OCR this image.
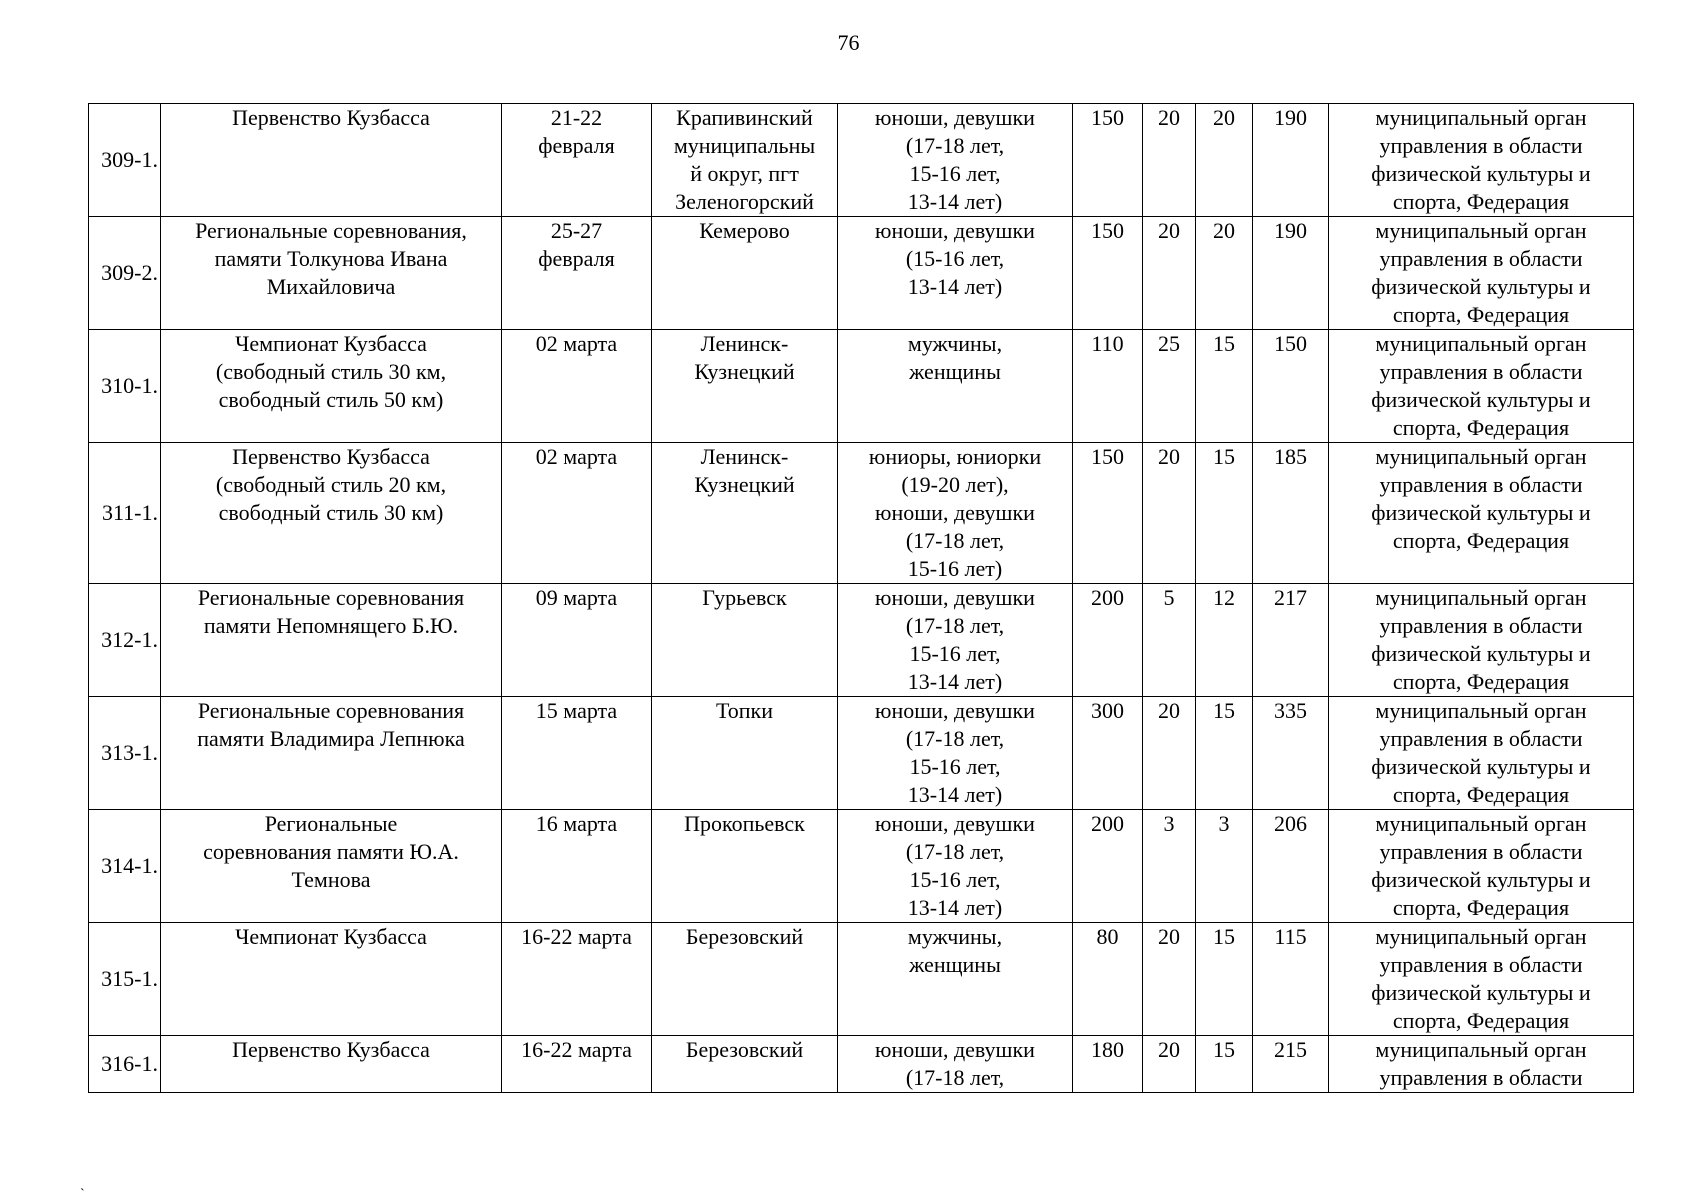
76
309-1.	Первенство Кузбасса	21-22
февраля	Крапивинский
муниципальны
й округ, пгт
Зеленогорский	юноши, девушки
(17-18 лет,
15-16 лет,
13-14 лет)	150	20	20	190	муниципальный орган
управления в области
физической культуры и
спорта, Федерация
309-2.	Региональные соревнования,
памяти Толкунова Ивана
Михайловича	25-27
февраля	Кемерово	юноши, девушки
(15-16 лет,
13-14 лет)	150	20	20	190	муниципальный орган
управления в области
физической культуры и
спорта, Федерация
310-1.	Чемпионат Кузбасса
(свободный стиль 30 км,
свободный стиль 50 км)	02 марта	Ленинск-
Кузнецкий	мужчины,
женщины	110	25	15	150	муниципальный орган
управления в области
физической культуры и
спорта, Федерация
311-1.	Первенство Кузбасса
(свободный стиль 20 км,
свободный стиль 30 км)	02 марта	Ленинск-
Кузнецкий	юниоры, юниорки
(19-20 лет),
юноши, девушки
(17-18 лет,
15-16 лет)	150	20	15	185	муниципальный орган
управления в области
физической культуры и
спорта, Федерация
312-1.	Региональные соревнования
памяти Непомнящего Б.Ю.	09 марта	Гурьевск	юноши, девушки
(17-18 лет,
15-16 лет,
13-14 лет)	200	5	12	217	муниципальный орган
управления в области
физической культуры и
спорта, Федерация
313-1.	Региональные соревнования
памяти Владимира Лепнюка	15 марта	Топки	юноши, девушки
(17-18 лет,
15-16 лет,
13-14 лет)	300	20	15	335	муниципальный орган
управления в области
физической культуры и
спорта, Федерация
314-1.	Региональные
соревнования памяти Ю.А.
Темнова	16 марта	Прокопьевск	юноши, девушки
(17-18 лет,
15-16 лет,
13-14 лет)	200	3	3	206	муниципальный орган
управления в области
физической культуры и
спорта, Федерация
315-1.	Чемпионат Кузбасса	16-22 марта	Березовский	мужчины,
женщины	80	20	15	115	муниципальный орган
управления в области
физической культуры и
спорта, Федерация
316-1.	Первенство Кузбасса	16-22 марта	Березовский	юноши, девушки
(17-18 лет,	180	20	15	215	муниципальный орган
управления в области
`
